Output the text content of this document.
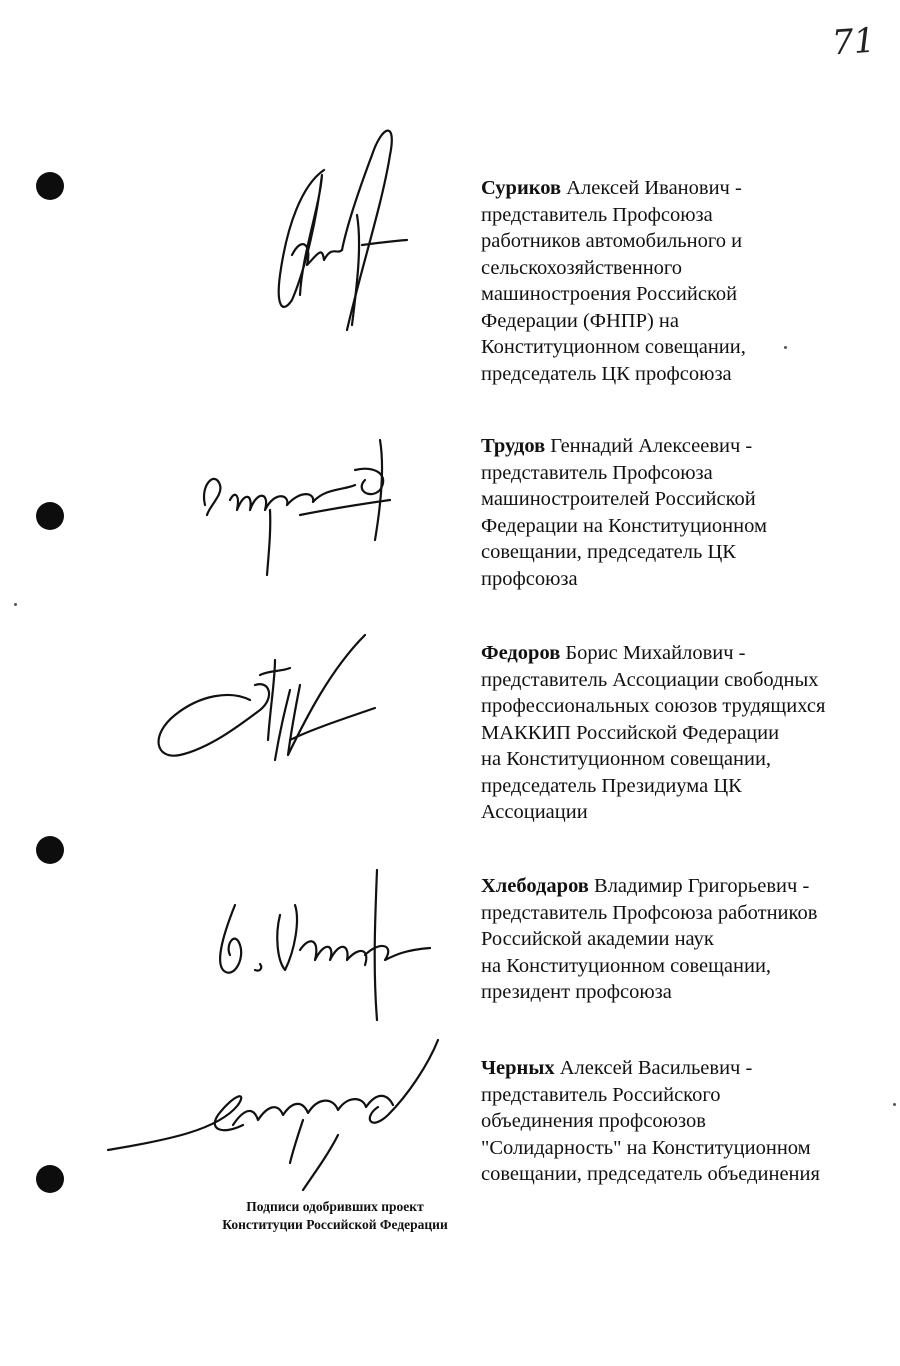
71
Суриков Алексей Иванович -
представитель Профсоюза
работников автомобильного и
сельскохозяйственного
машиностроения Российской
Федерации (ФНПР) на
Конституционном совещании,
председатель ЦК профсоюза
Трудов Геннадий Алексеевич -
представитель Профсоюза
машиностроителей Российской
Федерации на Конституционном
совещании, председатель ЦК
профсоюза
Федоров Борис Михайлович -
представитель Ассоциации свободных
профессиональных союзов трудящихся
МАККИП Российской Федерации
на Конституционном совещании,
председатель Президиума ЦК
Ассоциации
Хлебодаров Владимир Григорьевич -
представитель Профсоюза работников
Российской академии наук
на Конституционном совещании,
президент профсоюза
Черных Алексей Васильевич -
представитель Российского
объединения профсоюзов
"Солидарность" на Конституционном
совещании, председатель объединения
Подписи одобривших проект
Конституции Российской Федерации
